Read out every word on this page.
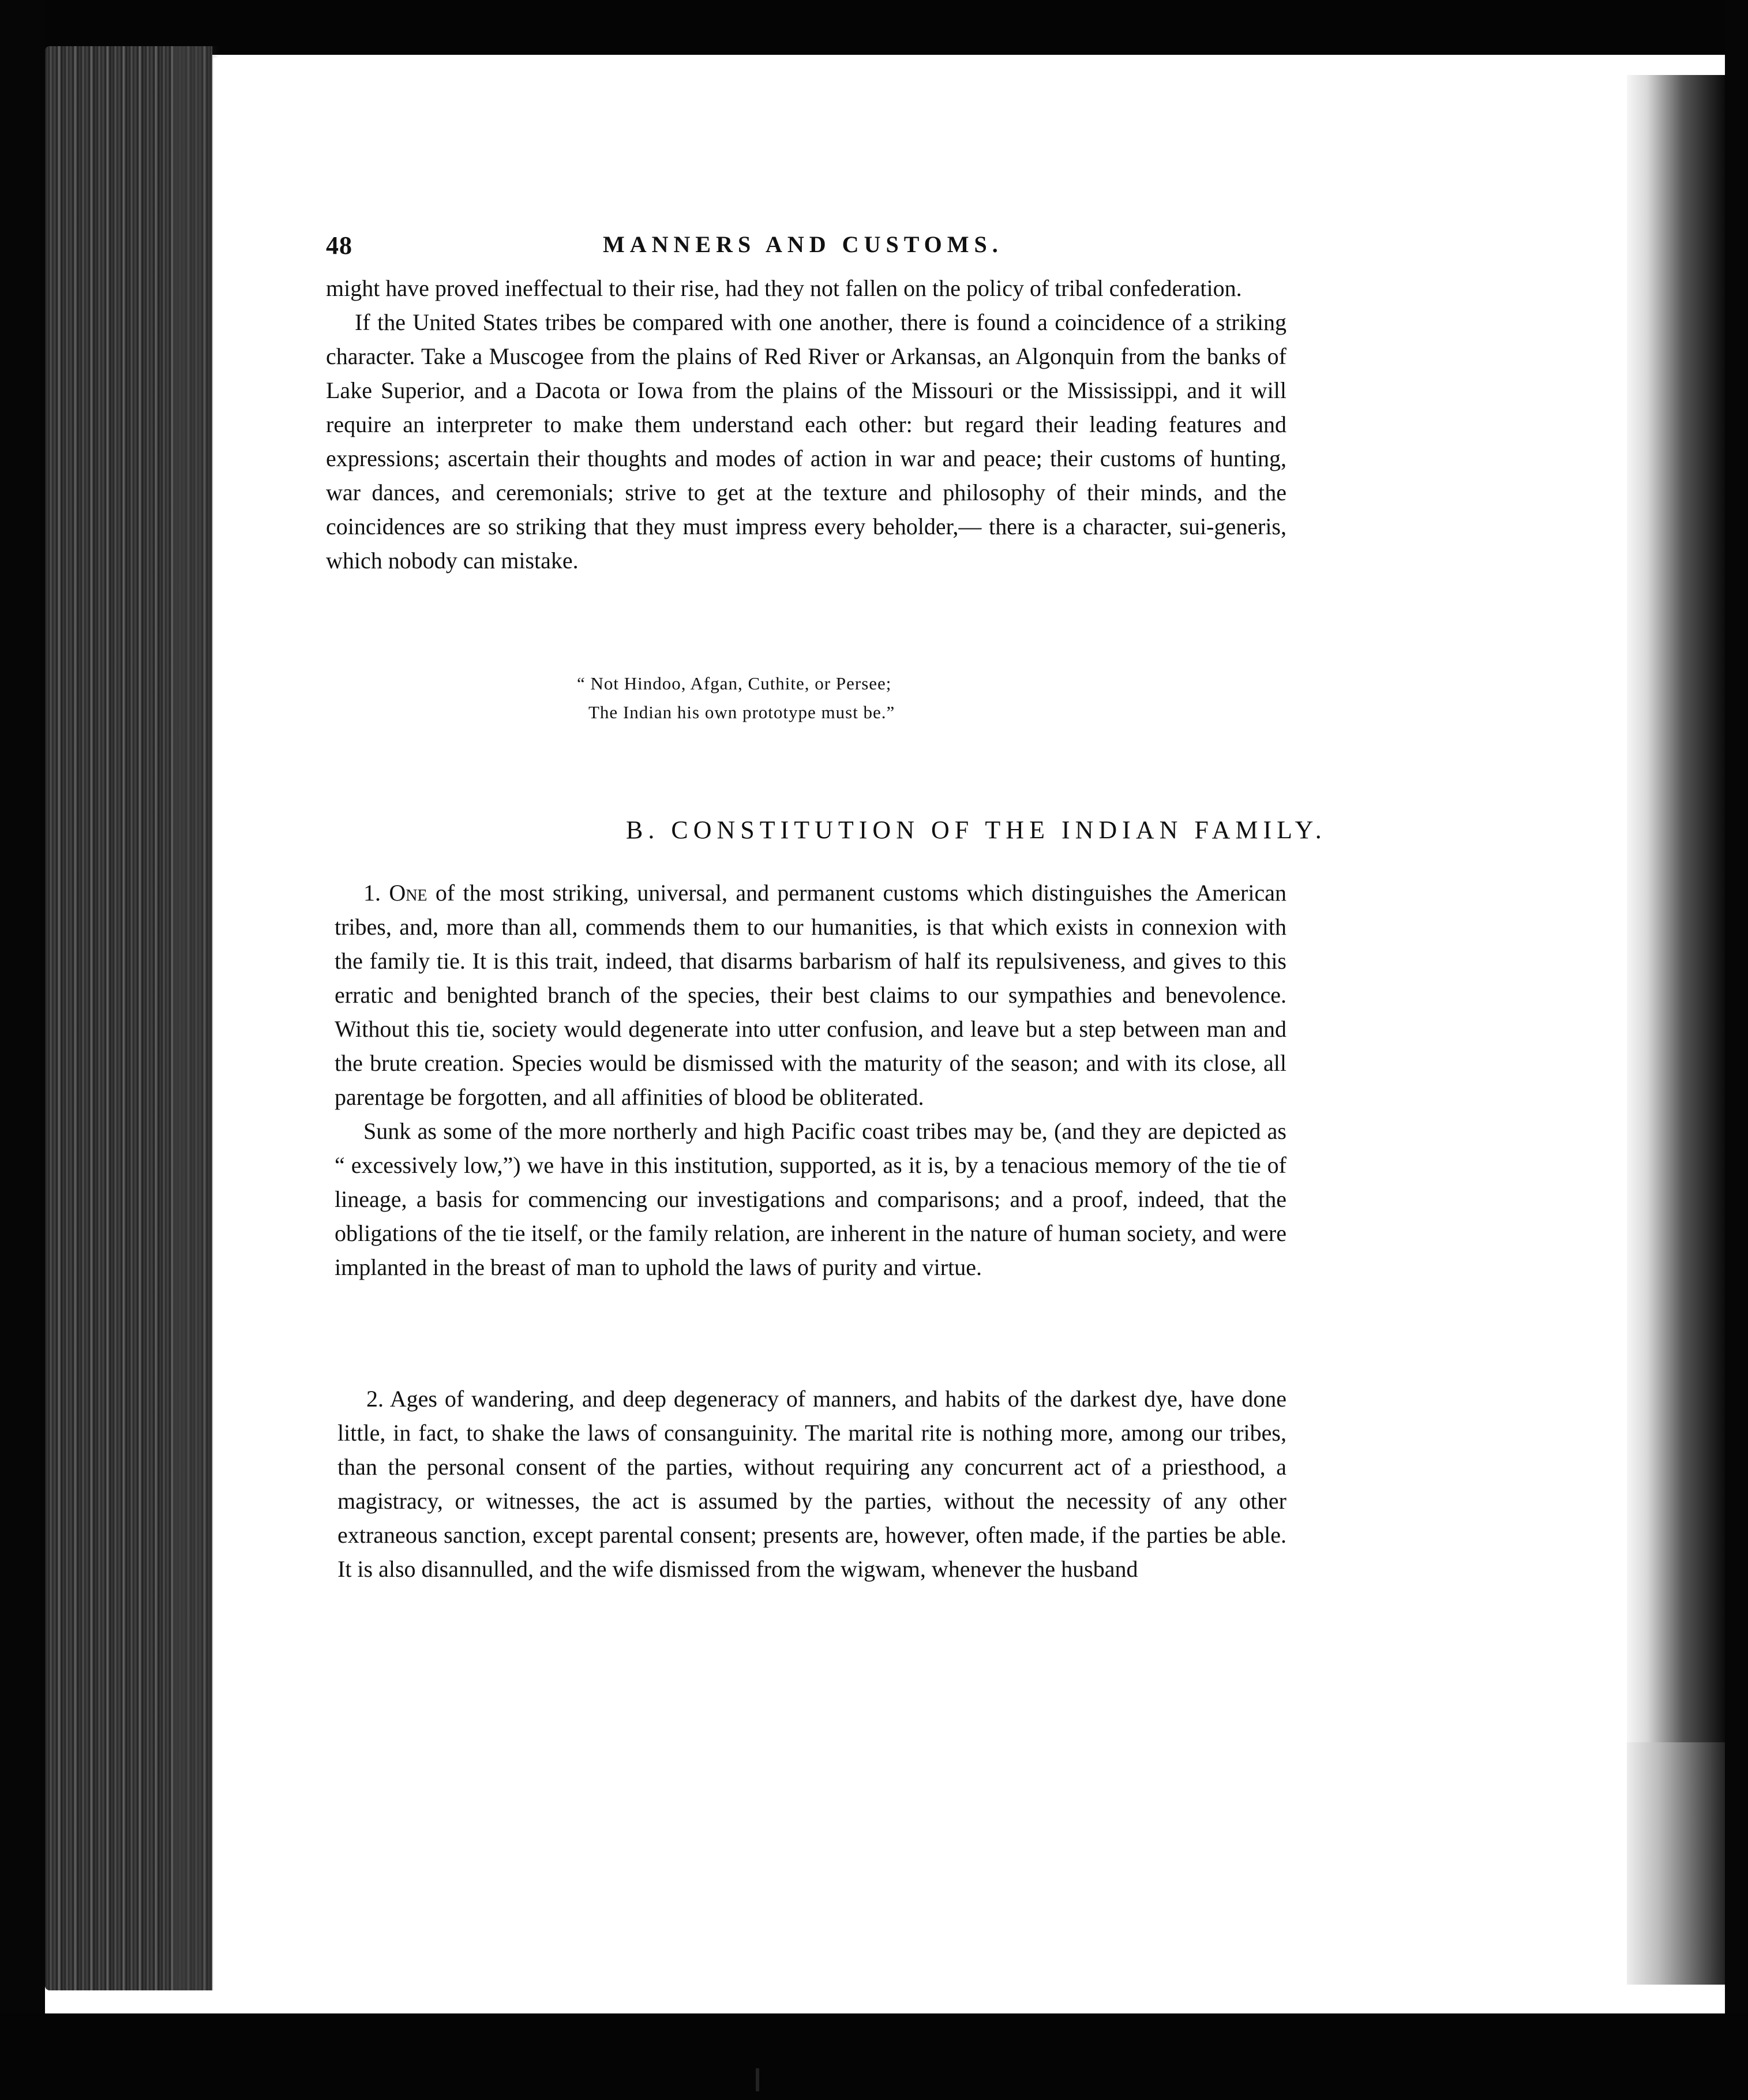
48	MANNERS AND CUSTOMS.

might have proved ineffectual to their rise, had they not fallen on the policy of tribal confederation.

If the United States tribes be compared with one another, there is found a coincidence of a striking character. Take a Muscogee from the plains of Red River or Arkansas, an Algonquin from the banks of Lake Superior, and a Dacota or Iowa from the plains of the Missouri or the Mississippi, and it will require an interpreter to make them understand each other: but regard their leading features and expressions; ascertain their thoughts and modes of action in war and peace; their customs of hunting, war dances, and ceremonials; strive to get at the texture and philosophy of their minds, and the coincidences are so striking that they must impress every beholder,— there is a character, sui-generis, which nobody can mistake.

“ Not Hindoo, Afgan, Cuthite, or Persee;
The Indian his own prototype must be.”
B. CONSTITUTION OF THE INDIAN FAMILY.

1. One of the most striking, universal, and permanent customs which distinguishes the American tribes, and, more than all, commends them to our humanities, is that which exists in connexion with the family tie. It is this trait, indeed, that disarms barbarism of half its repulsiveness, and gives to this erratic and benighted branch of the species, their best claims to our sympathies and benevolence. Without this tie, society would degenerate into utter confusion, and leave but a step between man and the brute creation. Species would be dismissed with the maturity of the season; and with its close, all parentage be forgotten, and all affinities of blood be obliterated.

Sunk as some of the more northerly and high Pacific coast tribes may be, (and they are depicted as “ excessively low,”) we have in this institution, supported, as it is, by a tenacious memory of the tie of lineage, a basis for commencing our investigations and comparisons; and a proof, indeed, that the obligations of the tie itself, or the family relation, are inherent in the nature of human society, and were implanted in the breast of man to uphold the laws of purity and virtue.

2. Ages of wandering, and deep degeneracy of manners, and habits of the darkest dye, have done little, in fact, to shake the laws of consanguinity. The marital rite is nothing more, among our tribes, than the personal consent of the parties, without requiring any concurrent act of a priesthood, a magistracy, or witnesses, the act is assumed by the parties, without the necessity of any other extraneous sanction, except parental consent; presents are, however, often made, if the parties be able. It is also disannulled, and the wife dismissed from the wigwam, whenever the husband
